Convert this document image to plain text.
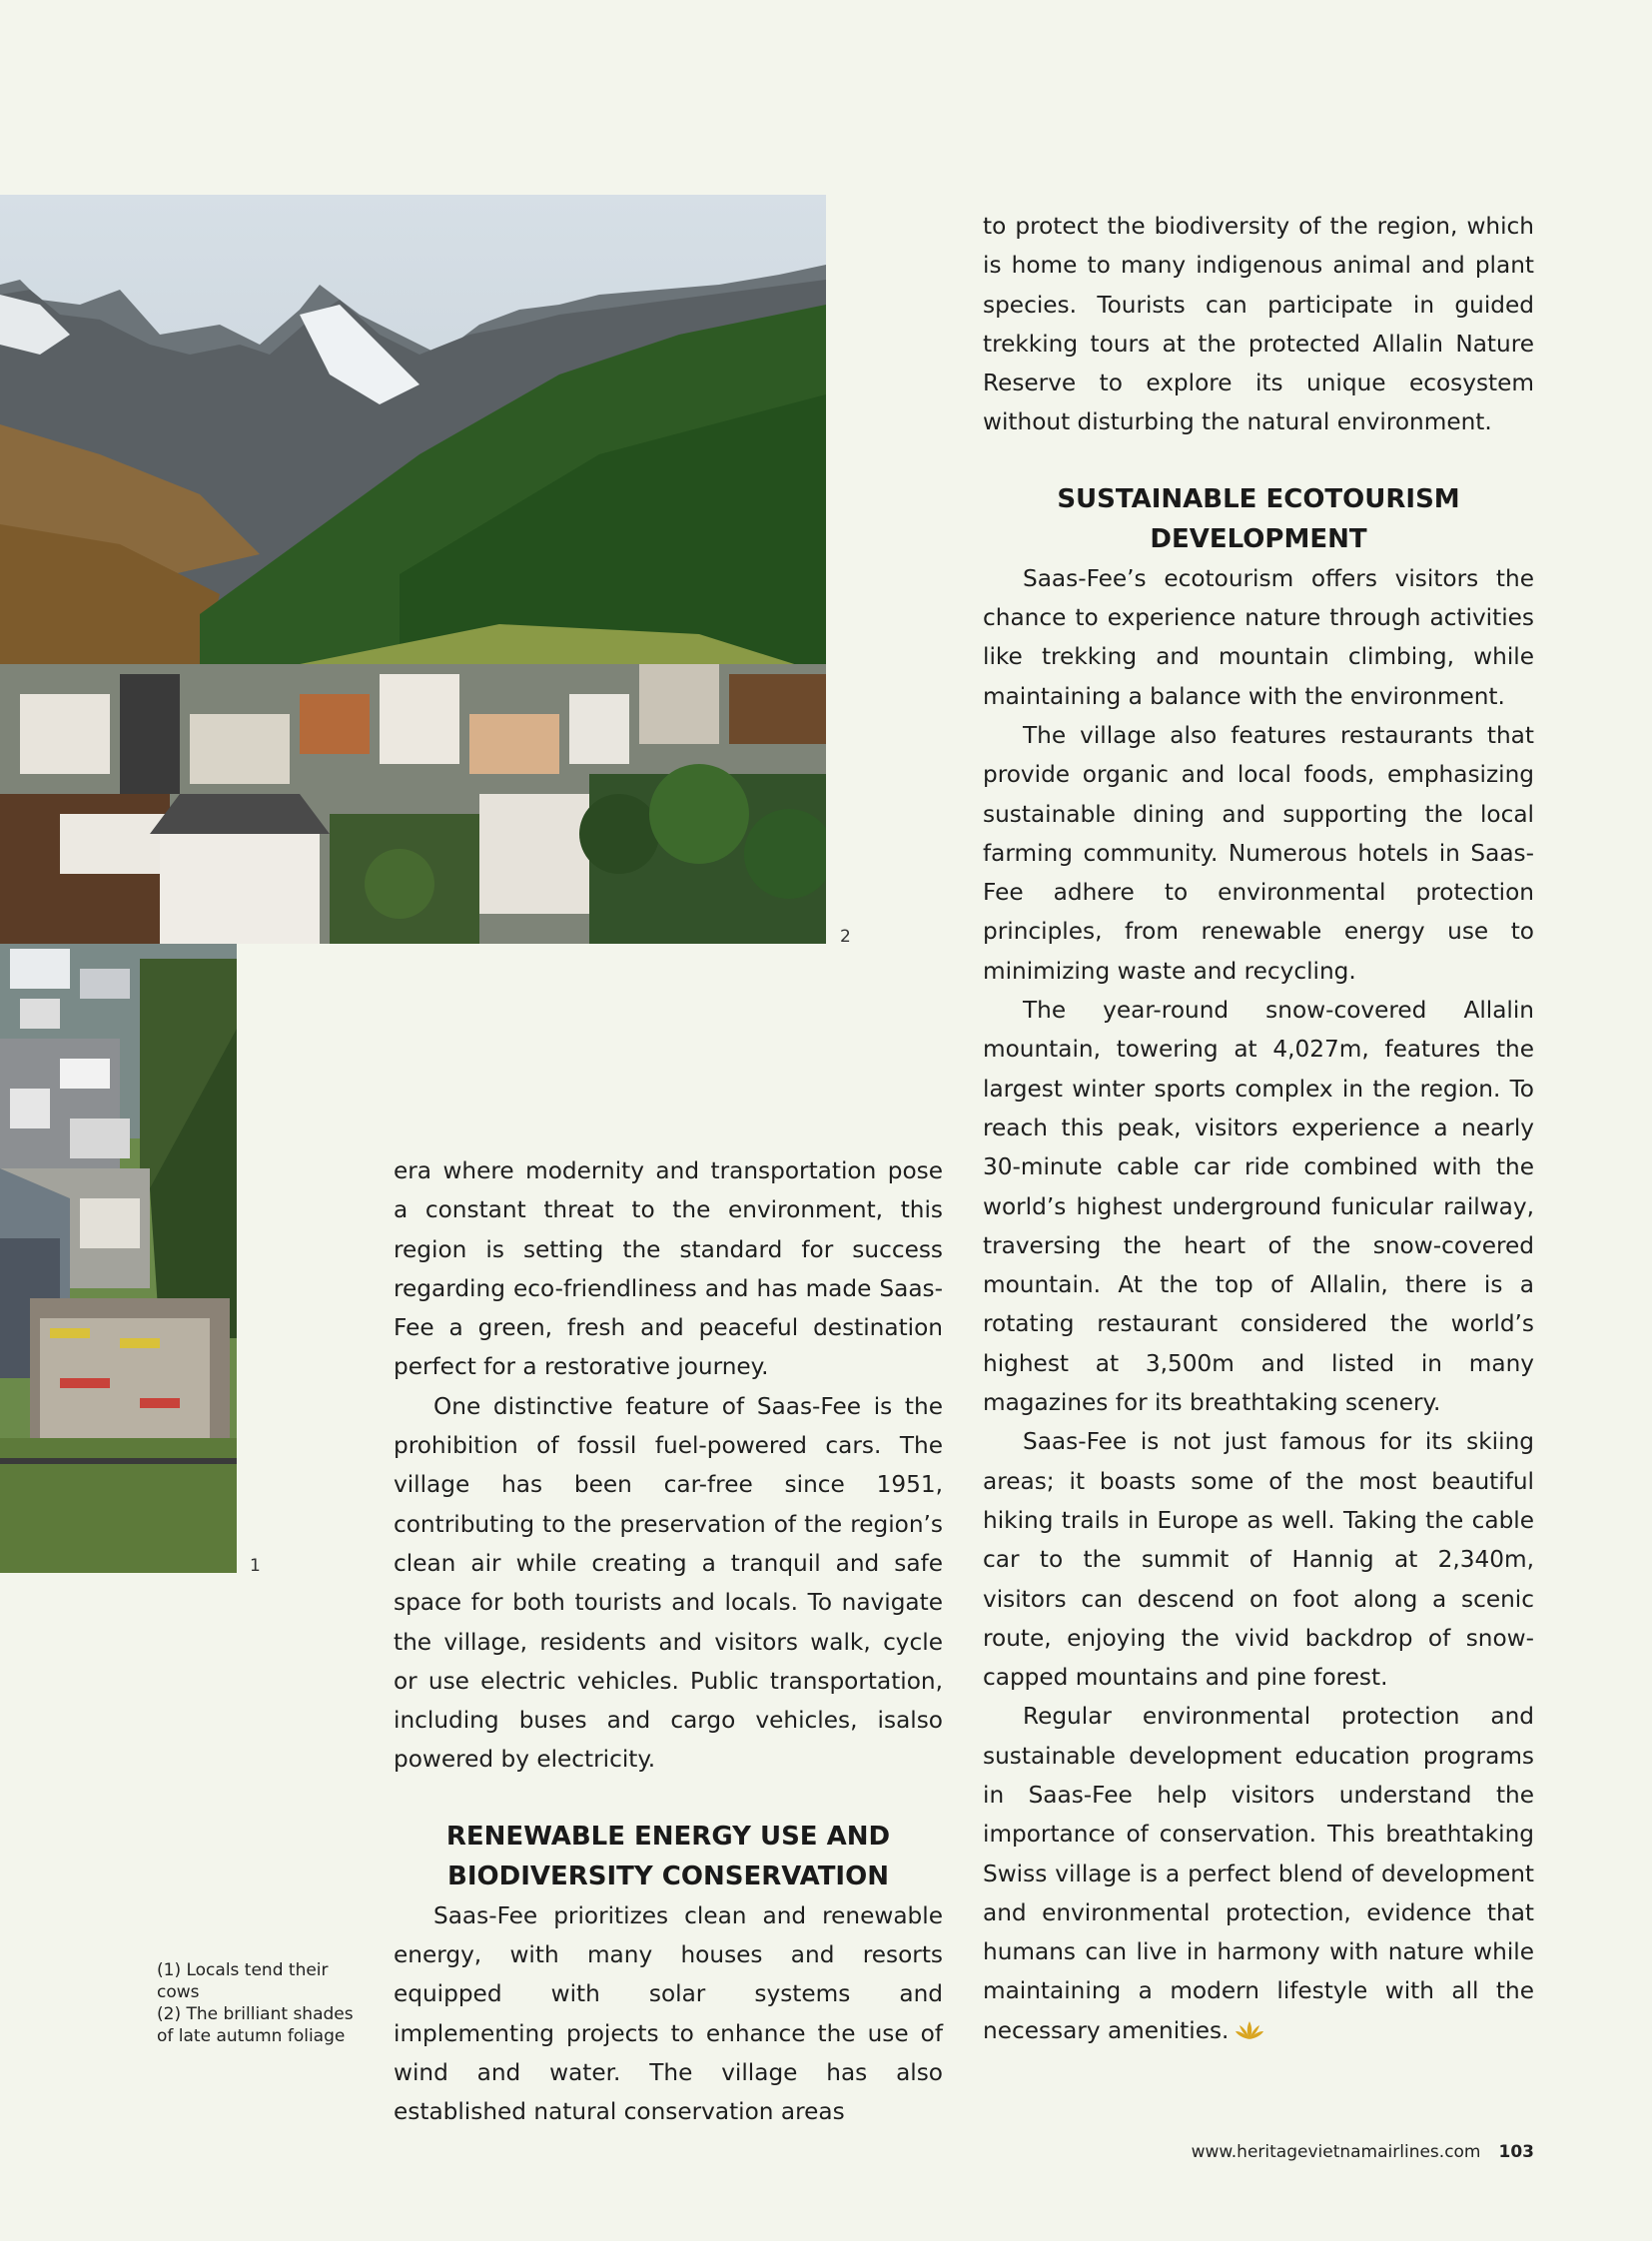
1
2
(1) Locals tend their cows
(2) The brilliant shades of late autumn foliage

era where modernity and transportation pose a constant threat to the environment, this region is setting the standard for success regarding eco-friendliness and has made Saas-Fee a green, fresh and peaceful destination perfect for a restorative journey.

One distinctive feature of Saas-Fee is the prohibition of fossil fuel-powered cars. The village has been car-free since 1951, contributing to the preservation of the region’s clean air while creating a tranquil and safe space for both tourists and locals. To navigate the village, residents and visitors walk, cycle or use electric vehicles. Public transportation, including buses and cargo vehicles, isalso powered by electricity.

RENEWABLE ENERGY USE AND BIODIVERSITY CONSERVATION

Saas-Fee prioritizes clean and renewable energy, with many houses and resorts equipped with solar systems and implementing projects to enhance the use of wind and water. The village has also established natural conservation areas

to protect the biodiversity of the region, which is home to many indigenous animal and plant species. Tourists can participate in guided trekking tours at the protected Allalin Nature Reserve to explore its unique ecosystem without disturbing the natural environment.

SUSTAINABLE ECOTOURISM DEVELOPMENT

Saas-Fee’s ecotourism offers visitors the chance to experience nature through activities like trekking and mountain climbing, while maintaining a balance with the environment.

The village also features restaurants that provide organic and local foods, emphasizing sustainable dining and supporting the local farming community. Numerous hotels in Saas-Fee adhere to environmental protection principles, from renewable energy use to minimizing waste and recycling.

The year-round snow-covered Allalin mountain, towering at 4,027m, features the largest winter sports complex in the region. To reach this peak, visitors experience a nearly 30-minute cable car ride combined with the world’s highest underground funicular railway, traversing the heart of the snow-covered mountain. At the top of Allalin, there is a rotating restaurant considered the world’s highest at 3,500m and listed in many magazines for its breathtaking scenery.

Saas-Fee is not just famous for its skiing areas; it boasts some of the most beautiful hiking trails in Europe as well. Taking the cable car to the summit of Hannig at 2,340m, visitors can descend on foot along a scenic route, enjoying the vivid backdrop of snow-capped mountains and pine forest.

Regular environmental protection and sustainable development education programs in Saas-Fee help visitors understand the importance of conservation. This breathtaking Swiss village is a perfect blend of development and environmental protection, evidence that humans can live in harmony with nature while maintaining a modern lifestyle with all the necessary amenities.

www.heritagevietnamairlines.com 103
